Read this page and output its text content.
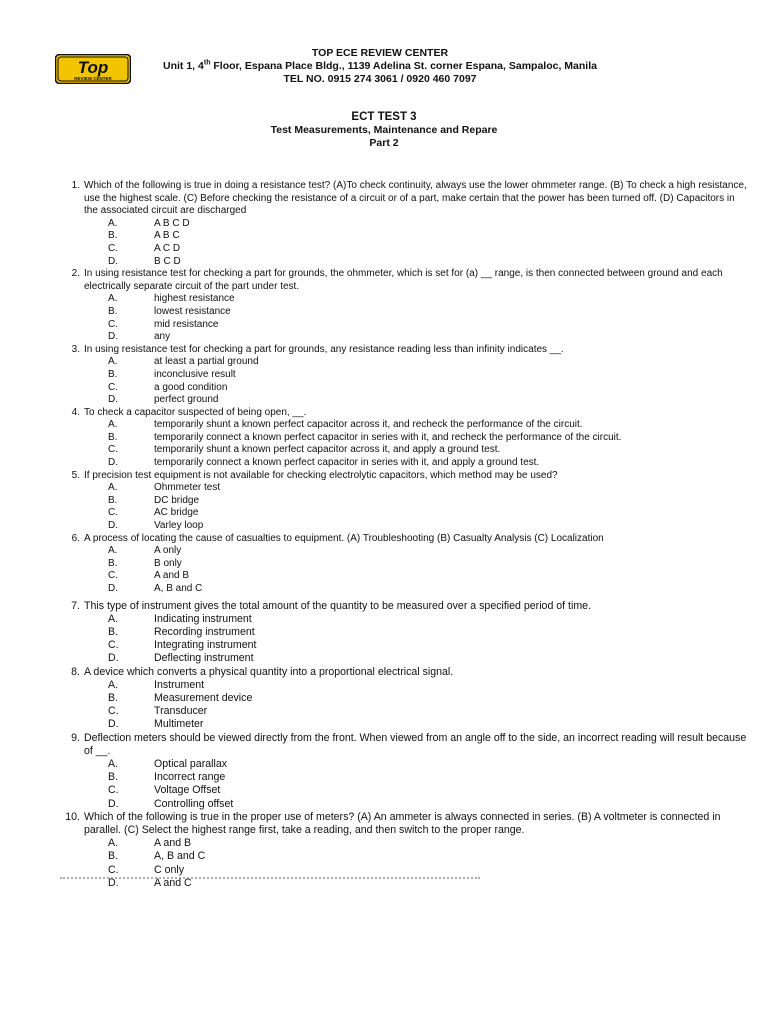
Top
REVIEW CENTER
TOP ECE REVIEW CENTER
Unit 1, 4th Floor, Espana Place Bldg., 1139 Adelina St. corner Espana, Sampaloc, Manila
TEL NO. 0915 274 3061 / 0920 460 7097
ECT TEST 3
Test Measurements, Maintenance and Repare
Part 2
1. Which of the following is true in doing a resistance test? (A)To check continuity, always use the lower ohmmeter range. (B) To check a high resistance, use the highest scale. (C) Before checking the resistance of a circuit or of a part, make certain that the power has been turned off. (D) Capacitors in the associated circuit are discharged
A.	A B C D
B.	A B C
C.	A C D
D.	B C D
2. In using resistance test for checking a part for grounds, the ohmmeter, which is set for (a) __ range, is then connected between ground and each electrically separate circuit of the part under test.
A.	highest resistance
B.	lowest resistance
C.	mid resistance
D.	any
3. In using resistance test for checking a part for grounds, any resistance reading less than infinity indicates __.
A.	at least a partial ground
B.	inconclusive result
C.	a good condition
D.	perfect ground
4. To check a capacitor suspected of being open, __.
A.	temporarily shunt a known perfect capacitor across it, and recheck the performance of the circuit.
B.	temporarily connect a known perfect capacitor in series with it, and recheck the performance of the circuit.
C.	temporarily shunt a known perfect capacitor across it, and apply a ground test.
D.	temporarily connect a known perfect capacitor in series with it, and apply a ground test.
5. If precision test equipment is not available for checking electrolytic capacitors, which method may be used?
A.	Ohmmeter test
B.	DC bridge
C.	AC bridge
D.	Varley loop
6. A process of locating the cause of casualties to equipment. (A) Troubleshooting (B) Casualty Analysis (C) Localization
A.	A only
B.	B only
C.	A and B
D.	A, B and C
7. This type of instrument gives the total amount of the quantity to be measured over a specified period of time.
A.	Indicating instrument
B.	Recording instrument
C.	Integrating instrument
D.	Deflecting instrument
8. A device which converts a physical quantity into a proportional electrical signal.
A.	Instrument
B.	Measurement device
C.	Transducer
D.	Multimeter
9. Deflection meters should be viewed directly from the front. When viewed from an angle off to the side, an incorrect reading will result because of __.
A.	Optical parallax
B.	Incorrect range
C.	Voltage Offset
D.	Controlling offset
10. Which of the following is true in the proper use of meters? (A) An ammeter is always connected in series. (B) A voltmeter is connected in parallel. (C) Select the highest range first, take a reading, and then switch to the proper range.
A.	A and B
B.	A, B and C
C.	C only
D.	A and C
